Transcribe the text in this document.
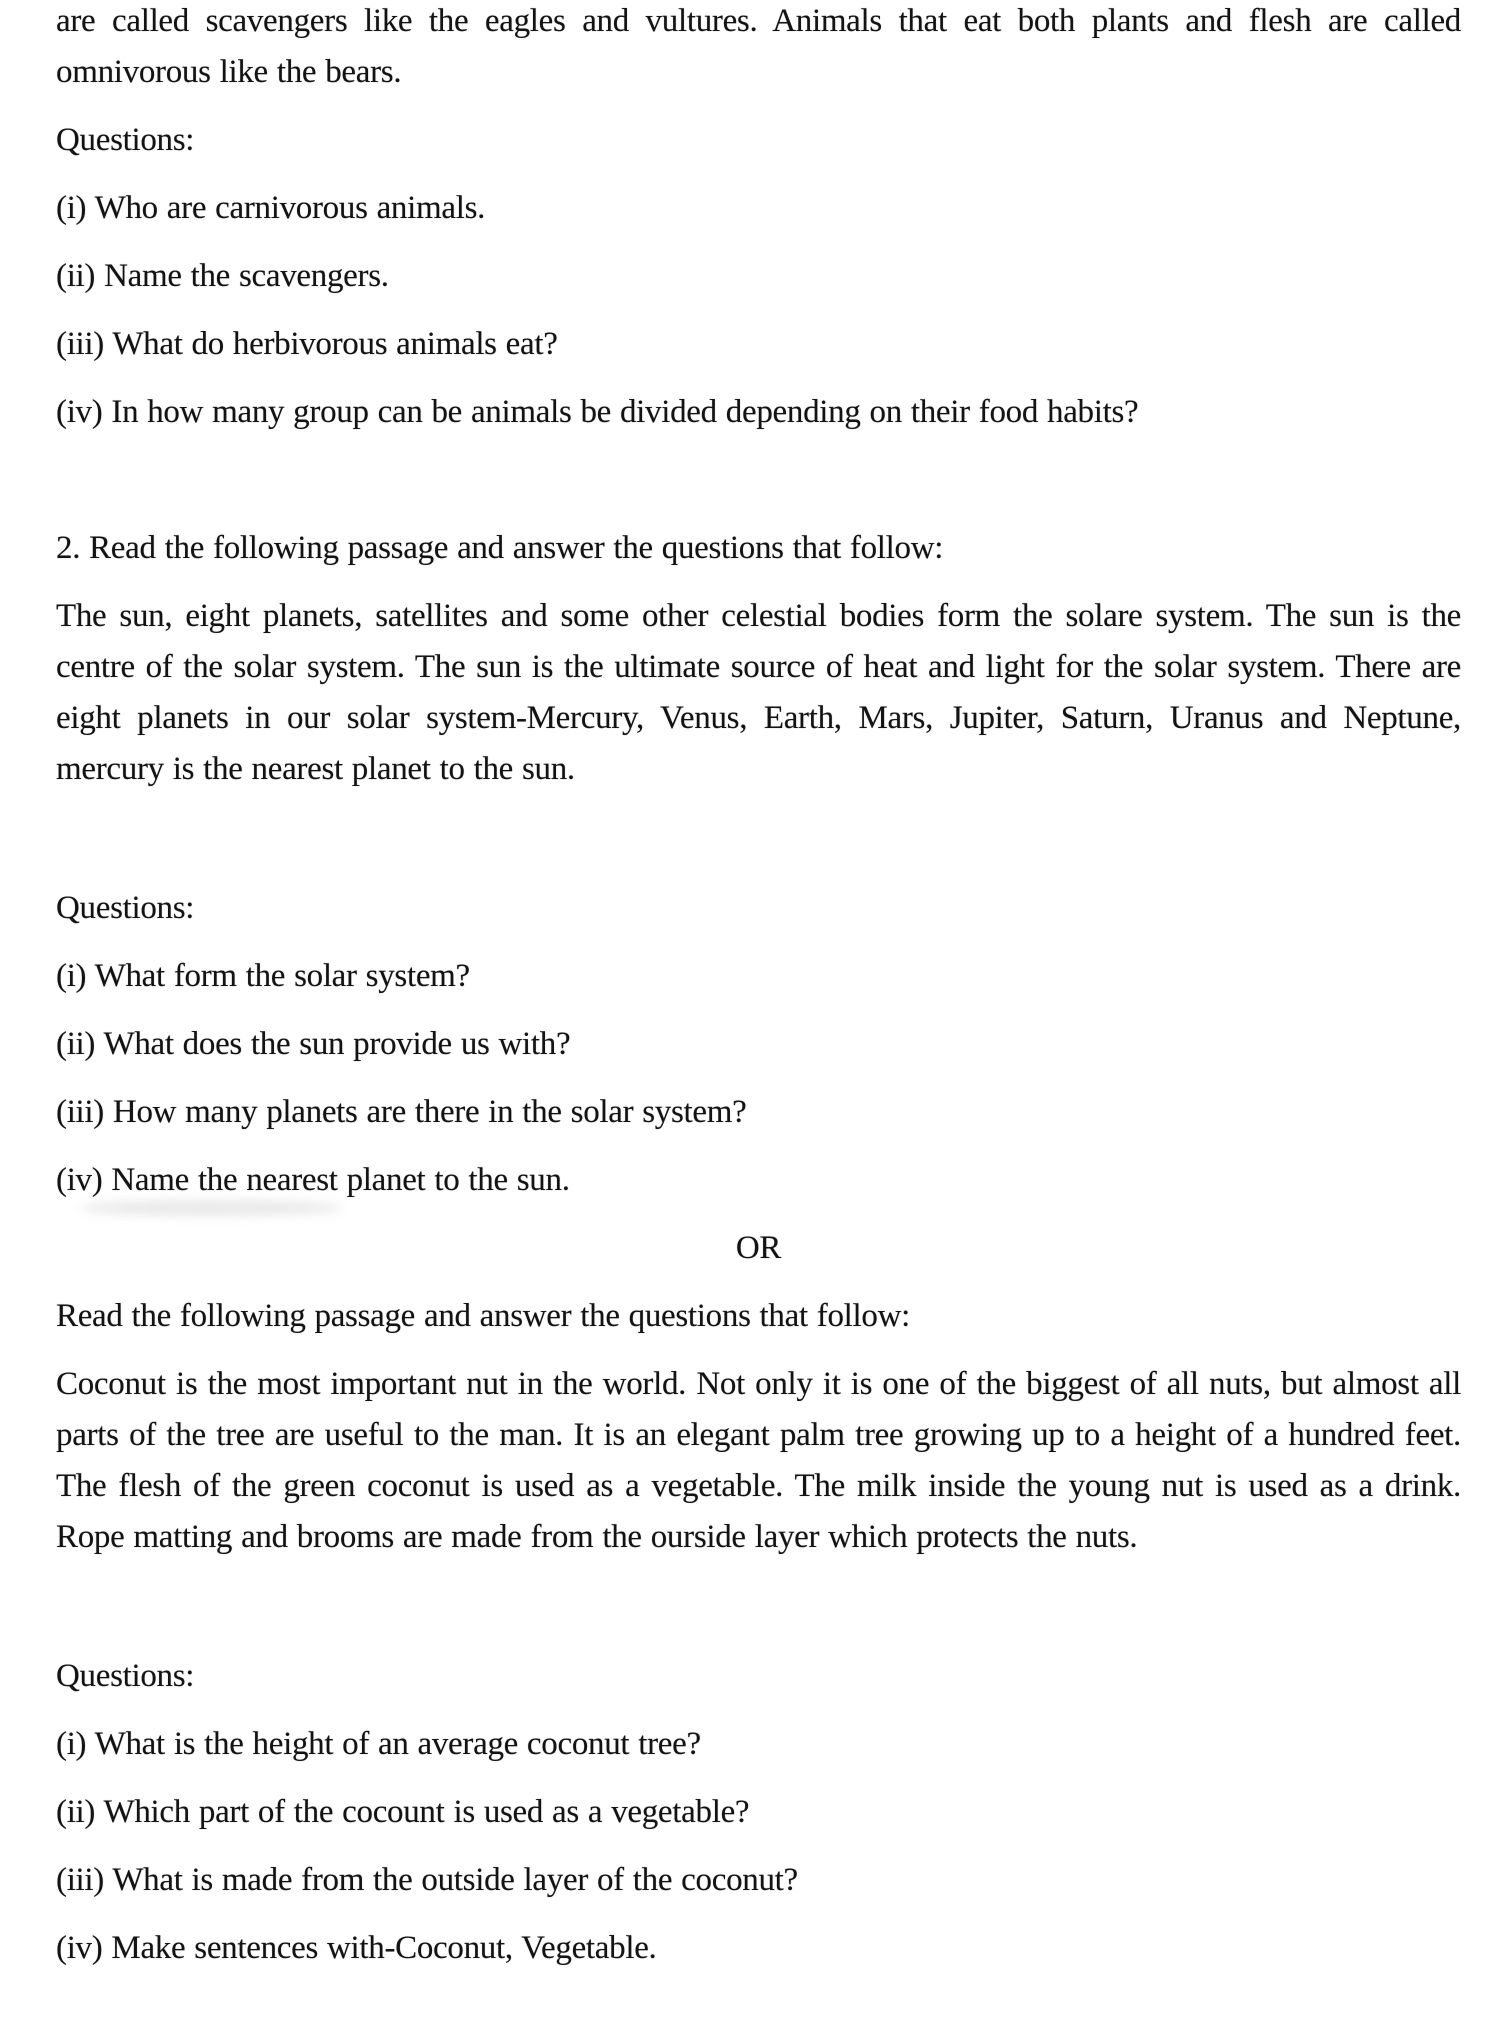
are called scavengers like the eagles and vultures. Animals that eat both plants and flesh are called omnivorous like the bears.

Questions:

(i) Who are carnivorous animals.

(ii) Name the scavengers.

(iii) What do herbivorous animals eat?

(iv) In how many group can be animals be divided depending on their food habits?

2. Read the following passage and answer the questions that follow:

The sun, eight planets, satellites and some other celestial bodies form the solare system. The sun is the centre of the solar system. The sun is the ultimate source of heat and light for the solar system. There are eight planets in our solar system-Mercury, Venus, Earth, Mars, Jupiter, Saturn, Uranus and Neptune, mercury is the nearest planet to the sun.

Questions:

(i) What form the solar system?

(ii) What does the sun provide us with?

(iii) How many planets are there in the solar system?

(iv) Name the nearest planet to the sun.

OR

Read the following passage and answer the questions that follow:

Coconut is the most important nut in the world. Not only it is one of the biggest of all nuts, but almost all parts of the tree are useful to the man. It is an elegant palm tree growing up to a height of a hundred feet. The flesh of the green coconut is used as a vegetable. The milk inside the young nut is used as a drink. Rope matting and brooms are made from the ourside layer which protects the nuts.

Questions:

(i) What is the height of an average coconut tree?

(ii) Which part of the cocount is used as a vegetable?

(iii) What is made from the outside layer of the coconut?

(iv) Make sentences with-Coconut, Vegetable.
